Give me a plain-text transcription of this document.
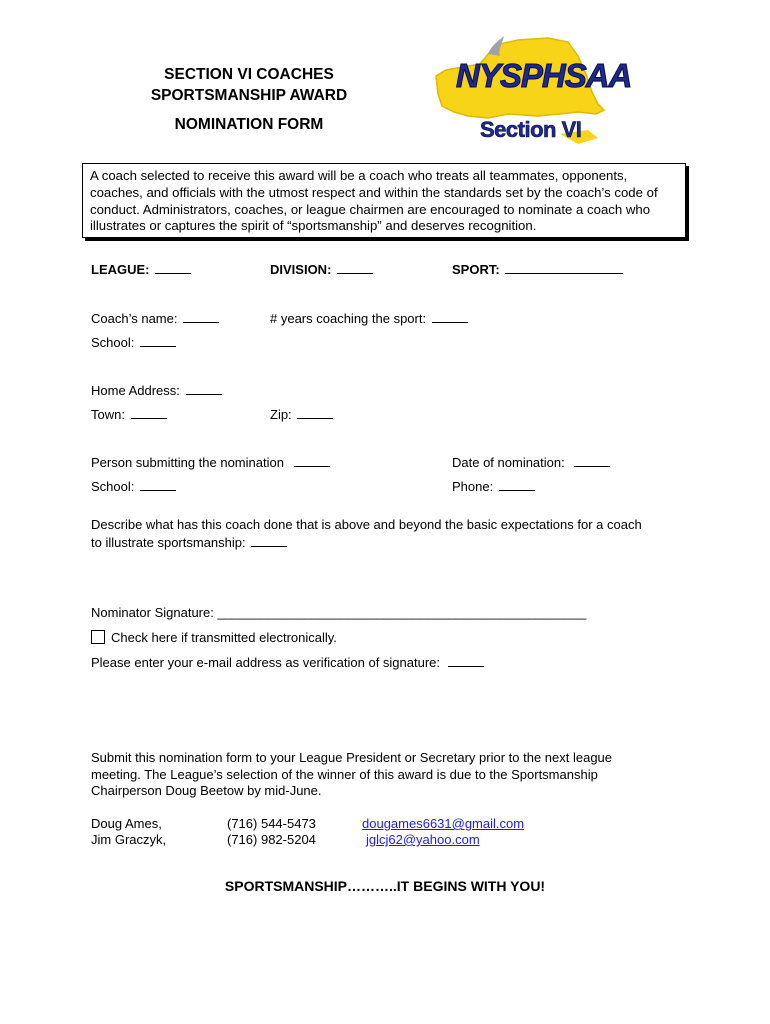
SECTION VI COACHES
SPORTSMANSHIP AWARD
NOMINATION FORM
NYSPHSAA
Section VI
A coach selected to receive this award will be a coach who treats all teammates, opponents, coaches, and officials with the utmost respect and within the standards set by the coach’s code of conduct. Administrators, coaches, or league chairmen are encouraged to nominate a coach who illustrates or captures the spirit of “sportsmanship” and deserves recognition.
LEAGUE:	DIVISION:	SPORT:
Coach’s name:	# years coaching the sport:
School:
Home Address:
Town:	Zip:
Person submitting the nomination	Date of nomination:
School:	Phone:
Describe what has this coach done that is above and beyond the basic expectations for a coach
to illustrate sportsmanship:
Nominator Signature: ___________________________________________________
Check here if transmitted electronically.
Please enter your e-mail address as verification of signature:
Submit this nomination form to your League President or Secretary prior to the next league
meeting. The League’s selection of the winner of this award is due to the Sportsmanship
Chairperson Doug Beetow by mid-June.
Doug Ames,	(716) 544-5473	dougames6631@gmail.com
Jim Graczyk,	(716) 982-5204	jglcj62@yahoo.com
SPORTSMANSHIP………..IT BEGINS WITH YOU!
